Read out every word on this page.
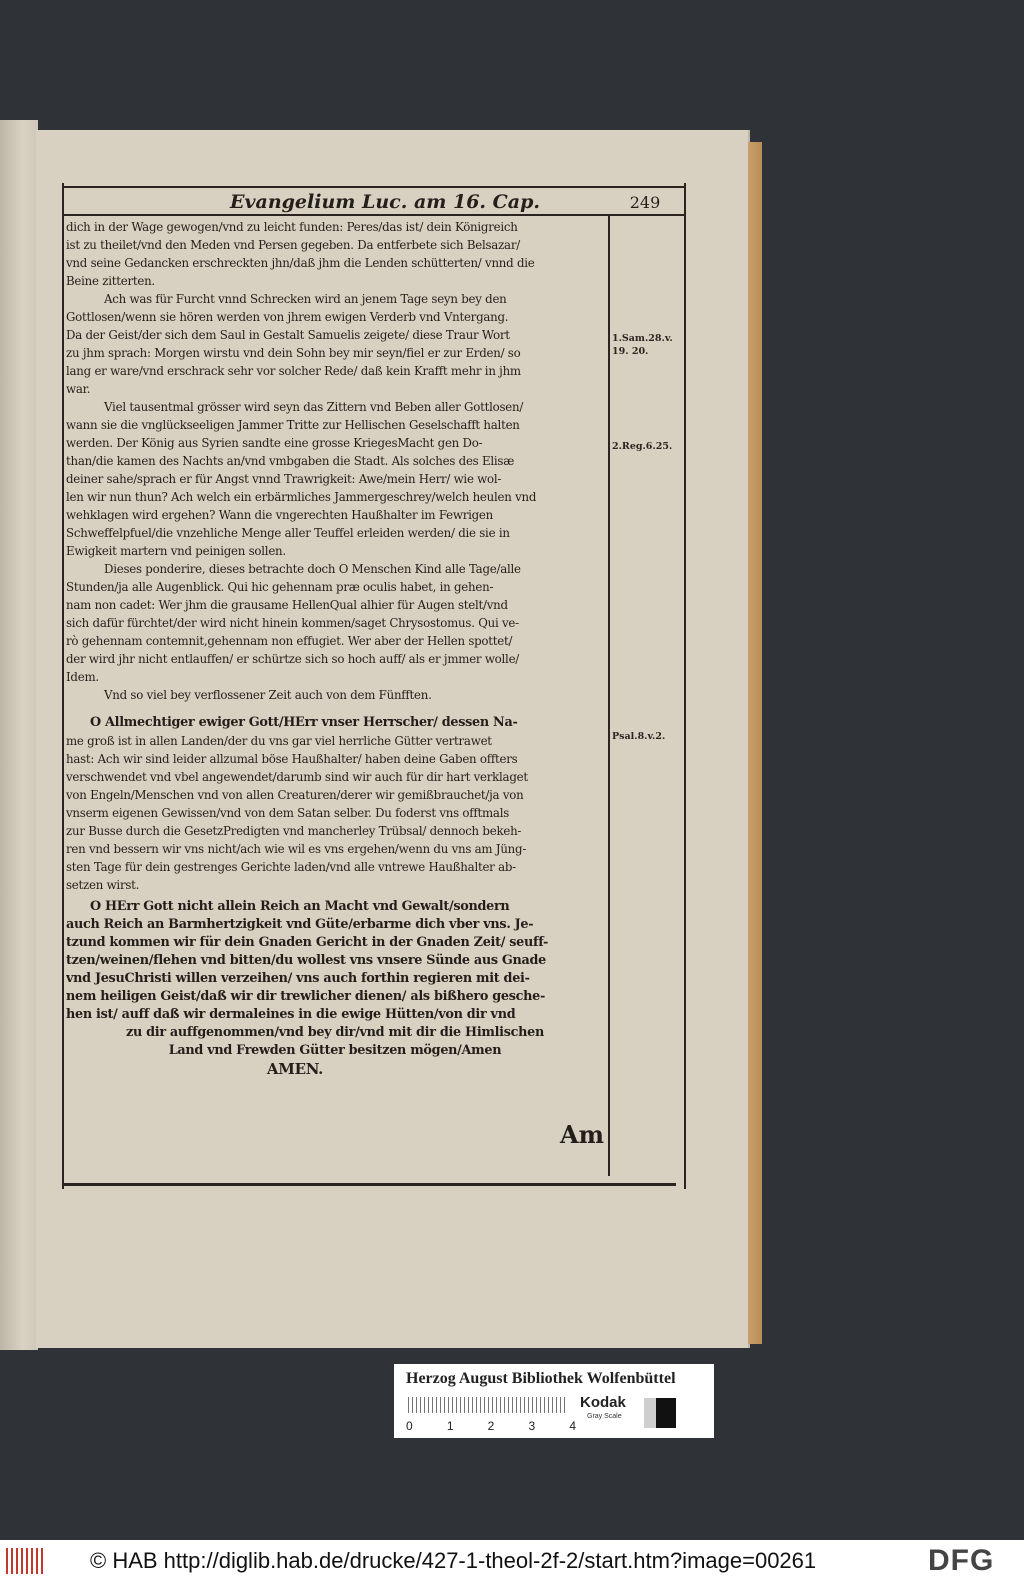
Evangelium Luc. am 16. Cap.	249
dich in der Wage gewogen/vnd zu leicht funden: Peres/das ist/ dein Königreich
ist zu theilet/vnd den Meden vnd Persen gegeben. Da entferbete sich Belsazar/
vnd seine Gedancken erschreckten jhn/daß jhm die Lenden schütterten/ vnnd die
Beine zitterten.
Ach was für Furcht vnnd Schrecken wird an jenem Tage seyn bey den
Gottlosen/wenn sie hören werden von jhrem ewigen Verderb vnd Vntergang.
Da der Geist/der sich dem Saul in Gestalt Samuelis zeigete/ diese Traur Wort
zu jhm sprach: Morgen wirstu vnd dein Sohn bey mir seyn/fiel er zur Erden/ so
lang er ware/vnd erschrack sehr vor solcher Rede/ daß kein Krafft mehr in jhm
war.
Viel tausentmal grösser wird seyn das Zittern vnd Beben aller Gottlosen/
wann sie die vnglückseeligen Jammer Tritte zur Hellischen Geselschafft halten
werden. Der König aus Syrien sandte eine grosse KriegesMacht gen Do-
than/die kamen des Nachts an/vnd vmbgaben die Stadt. Als solches des Elisæ
deiner sahe/sprach er für Angst vnnd Trawrigkeit: Awe/mein Herr/ wie wol-
len wir nun thun? Ach welch ein erbärmliches Jammergeschrey/welch heulen vnd
wehklagen wird ergehen? Wann die vngerechten Haußhalter im Fewrigen
Schweffelpfuel/die vnzehliche Menge aller Teuffel erleiden werden/ die sie in
Ewigkeit martern vnd peinigen sollen.
Dieses ponderire, dieses betrachte doch O Menschen Kind alle Tage/alle
Stunden/ja alle Augenblick. Qui hic gehennam præ oculis habet, in gehen-
nam non cadet: Wer jhm die grausame HellenQual alhier für Augen stelt/vnd
sich dafür fürchtet/der wird nicht hinein kommen/saget Chrysostomus. Qui ve-
rò gehennam contemnit,gehennam non effugiet. Wer aber der Hellen spottet/
der wird jhr nicht entlauffen/ er schürtze sich so hoch auff/ als er jmmer wolle/
Idem.
Vnd so viel bey verflossener Zeit auch von dem Fünfften.
O Allmechtiger ewiger Gott/HErr vnser Herrscher/ dessen Na-
me groß ist in allen Landen/der du vns gar viel herrliche Gütter vertrawet
hast: Ach wir sind leider allzumal böse Haußhalter/ haben deine Gaben offters
verschwendet vnd vbel angewendet/darumb sind wir auch für dir hart verklaget
von Engeln/Menschen vnd von allen Creaturen/derer wir gemißbrauchet/ja von
vnserm eigenen Gewissen/vnd von dem Satan selber. Du foderst vns offtmals
zur Busse durch die GesetzPredigten vnd mancherley Trübsal/ dennoch bekeh-
ren vnd bessern wir vns nicht/ach wie wil es vns ergehen/wenn du vns am Jüng-
sten Tage für dein gestrenges Gerichte laden/vnd alle vntrewe Haußhalter ab-
setzen wirst.
O HErr Gott nicht allein Reich an Macht vnd Gewalt/sondern
auch Reich an Barmhertzigkeit vnd Güte/erbarme dich vber vns. Je-
tzund kommen wir für dein Gnaden Gericht in der Gnaden Zeit/ seuff-
tzen/weinen/flehen vnd bitten/du wollest vns vnsere Sünde aus Gnade
vnd JesuChristi willen verzeihen/ vns auch forthin regieren mit dei-
nem heiligen Geist/daß wir dir trewlicher dienen/ als bißhero gesche-
hen ist/ auff daß wir dermaleines in die ewige Hütten/von dir vnd
zu dir auffgenommen/vnd bey dir/vnd mit dir die Himlischen
Land vnd Frewden Gütter besitzen mögen/Amen
AMEN.
Am
1.Sam.28.v. 19. 20.
2.Reg.6.25.
Psal.8.v.2.
Herzog August Bibliothek Wolfenbüttel
0	1	2	3	4
Kodak
Gray Scale
© HAB http://diglib.hab.de/drucke/427-1-theol-2f-2/start.htm?image=00261	DFG
